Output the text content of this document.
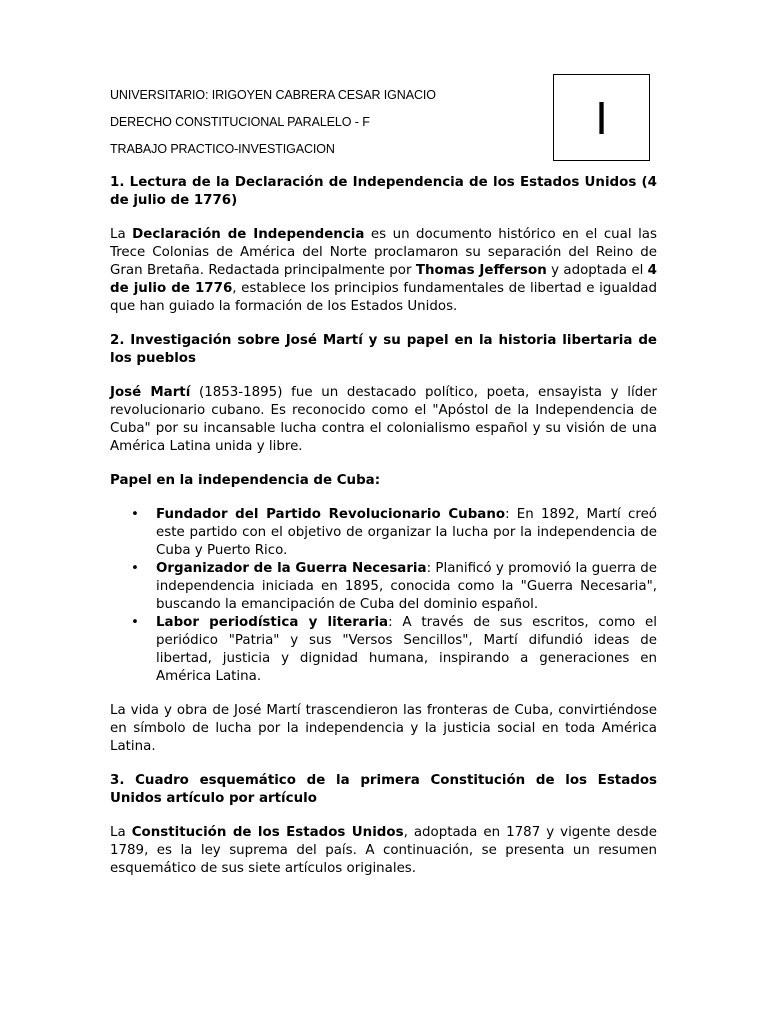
UNIVERSITARIO: IRIGOYEN CABRERA CESAR IGNACIO
DERECHO CONSTITUCIONAL PARALELO - F
TRABAJO PRACTICO-INVESTIGACION
I

1. Lectura de la Declaración de Independencia de los Estados Unidos (4 de julio de 1776)

La Declaración de Independencia es un documento histórico en el cual las Trece Colonias de América del Norte proclamaron su separación del Reino de Gran Bretaña. Redactada principalmente por Thomas Jefferson y adoptada el 4 de julio de 1776, establece los principios fundamentales de libertad e igualdad que han guiado la formación de los Estados Unidos.

2. Investigación sobre José Martí y su papel en la historia libertaria de los pueblos

José Martí (1853-1895) fue un destacado político, poeta, ensayista y líder revolucionario cubano. Es reconocido como el "Apóstol de la Independencia de Cuba" por su incansable lucha contra el colonialismo español y su visión de una América Latina unida y libre.

Papel en la independencia de Cuba:

• Fundador del Partido Revolucionario Cubano: En 1892, Martí creó este partido con el objetivo de organizar la lucha por la independencia de Cuba y Puerto Rico.
• Organizador de la Guerra Necesaria: Planificó y promovió la guerra de independencia iniciada en 1895, conocida como la "Guerra Necesaria", buscando la emancipación de Cuba del dominio español.
• Labor periodística y literaria: A través de sus escritos, como el periódico "Patria" y sus "Versos Sencillos", Martí difundió ideas de libertad, justicia y dignidad humana, inspirando a generaciones en América Latina.

La vida y obra de José Martí trascendieron las fronteras de Cuba, convirtiéndose en símbolo de lucha por la independencia y la justicia social en toda América Latina.

3. Cuadro esquemático de la primera Constitución de los Estados Unidos artículo por artículo

La Constitución de los Estados Unidos, adoptada en 1787 y vigente desde 1789, es la ley suprema del país. A continuación, se presenta un resumen esquemático de sus siete artículos originales.
